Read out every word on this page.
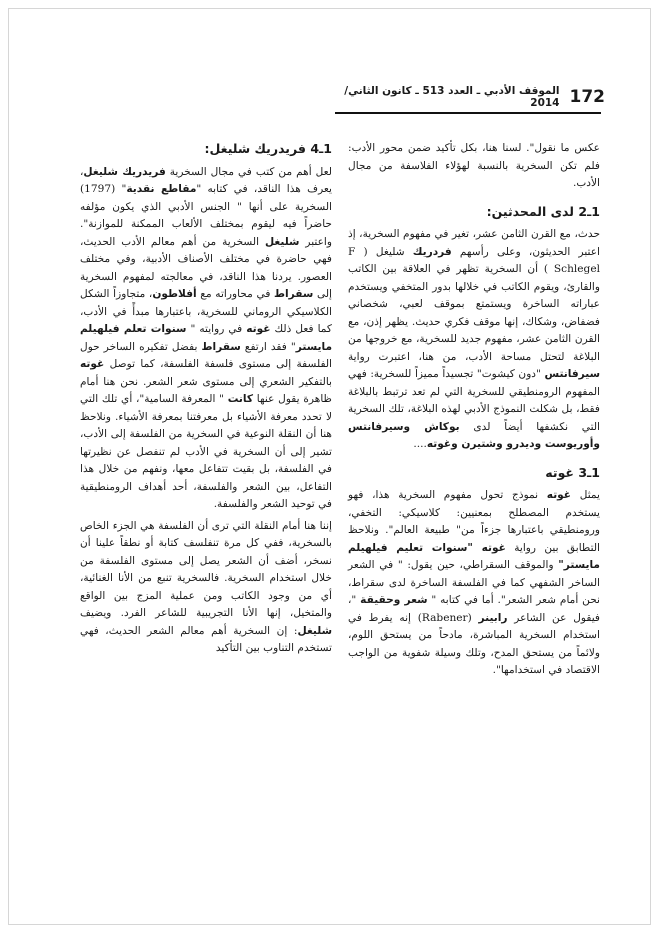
172
الموقف الأدبي ـ العدد 513 ـ كانون الثاني/ 2014

عكس ما نقول". لسنا هنا، بكل تأكيد ضمن محور الأدب: فلم تكن السخرية بالنسبة لهؤلاء الفلاسفة من مجال الأدب.

1ـ2 لدى المحدثين:

حدث، مع القرن الثامن عشر، تغير في مفهوم السخرية، إذ اعتبر الحديثون، وعلى رأسهم فردريك شليغل ( F Schlegel ) أن السخرية تظهر في العلاقة بين الكاتب والقارئ، ويقوم الكاتب في خلالها بدور المتخفي ويستخدم عباراته الساخرة ويستمتع بموقف لعبي، شخصاني فضفاض، وشكاك، إنها موقف فكري حديث. يظهر إذن، مع القرن الثامن عشر، مفهوم جديد للسخرية، مع خروجها من البلاغة لتحتل مساحة الأدب، من هنا، اعتبرت رواية سيرفانتس "دون كيشوت" تجسيداً مميزاً للسخرية: فهي المفهوم الرومنطيقي للسخرية التي لم تعد ترتبط بالبلاغة فقط، بل شكلت النموذج الأدبي لهذه البلاغة، تلك السخرية التي نكشفها أيضاً لدى بوكاش وسيرفانتس وأوريوست وديدرو وشتيرن وغوته....

1ـ3 غوته

يمثل غوته نموذج تحول مفهوم السخرية هذا، فهو يستخدم المصطلح بمعنيين: كلاسيكي: التخفي، ورومنطيقي باعتبارها جزءاً من" طبيعة العالم". ونلاحظ التطابق بين رواية غوته "سنوات تعليم فيلهيلم مايستر" والموقف السقراطي، حين يقول: " في الشعر الساخر الشفهي كما في الفلسفة الساخرة لدى سقراط، نحن أمام شعر الشعر". أما في كتابه " شعر وحقيقة "، فيقول عن الشاعر رابينر (Rabener) إنه يفرط في استخدام السخرية المباشرة، مادحاً من يستحق اللوم، ولائماً من يستحق المدح، وتلك وسيلة شفوية من الواجب الاقتصاد في استخدامها".

1ـ4 فريدريك شليغل:

لعل أهم من كتب في مجال السخرية فريدريك شليغل، يعرف هذا الناقد، في كتابه "مقاطع نقدية" (1797) السخرية على أنها " الجنس الأدبي الذي يكون مؤلفه حاضراً فيه ليقوم بمختلف الألعاب الممكنة للموازنة". واعتبر شليغل السخرية من أهم معالم الأدب الحديث، فهي حاضرة في مختلف الأصناف الأدبية، وفي مختلف العصور. يردنا هذا الناقد، في معالجته لمفهوم السخرية إلى سقراط في محاوراته مع أفلاطون، متجاوزاً الشكل الكلاسيكي الروماني للسخرية، باعتبارها مبدأً في الأدب، كما فعل ذلك غوته في روايته " سنوات تعلم فيلهيلم مايستر" فقد ارتفع سقراط بفضل تفكيره الساخر حول الفلسفة إلى مستوى فلسفة الفلسفة، كما توصل غوته بالتفكير الشعري إلى مستوى شعر الشعر. نحن هنا أمام ظاهرة يقول عنها كانت " المعرفة السامية"، أي تلك التي لا تحدد معرفة الأشياء بل معرفتنا بمعرفة الأشياء. ونلاحظ هنا أن النقلة النوعية في السخرية من الفلسفة إلى الأدب، تشير إلى أن السخرية في الأدب لم تنفصل عن نظيرتها في الفلسفة، بل بقيت تتفاعل معها، ونفهم من خلال هذا التفاعل، بين الشعر والفلسفة، أحد أهداف الرومنطيقية في توحيد الشعر والفلسفة.

إننا هنا أمام النقلة التي ترى أن الفلسفة هي الجزء الخاص بالسخرية، ففي كل مرة تنفلسف كتابة أو نطقاً علينا أن نسخر، أضف أن الشعر يصل إلى مستوى الفلسفة من خلال استخدام السخرية. فالسخرية تنبع من الأنا الغنائية، أي من وجود الكاتب ومن عملية المزج بين الواقع والمتخيل، إنها الأنا التجريبية للشاعر الفرد. ويضيف شليغل: إن السخرية أهم معالم الشعر الحديث، فهي تستخدم التناوب بين التأكيد
